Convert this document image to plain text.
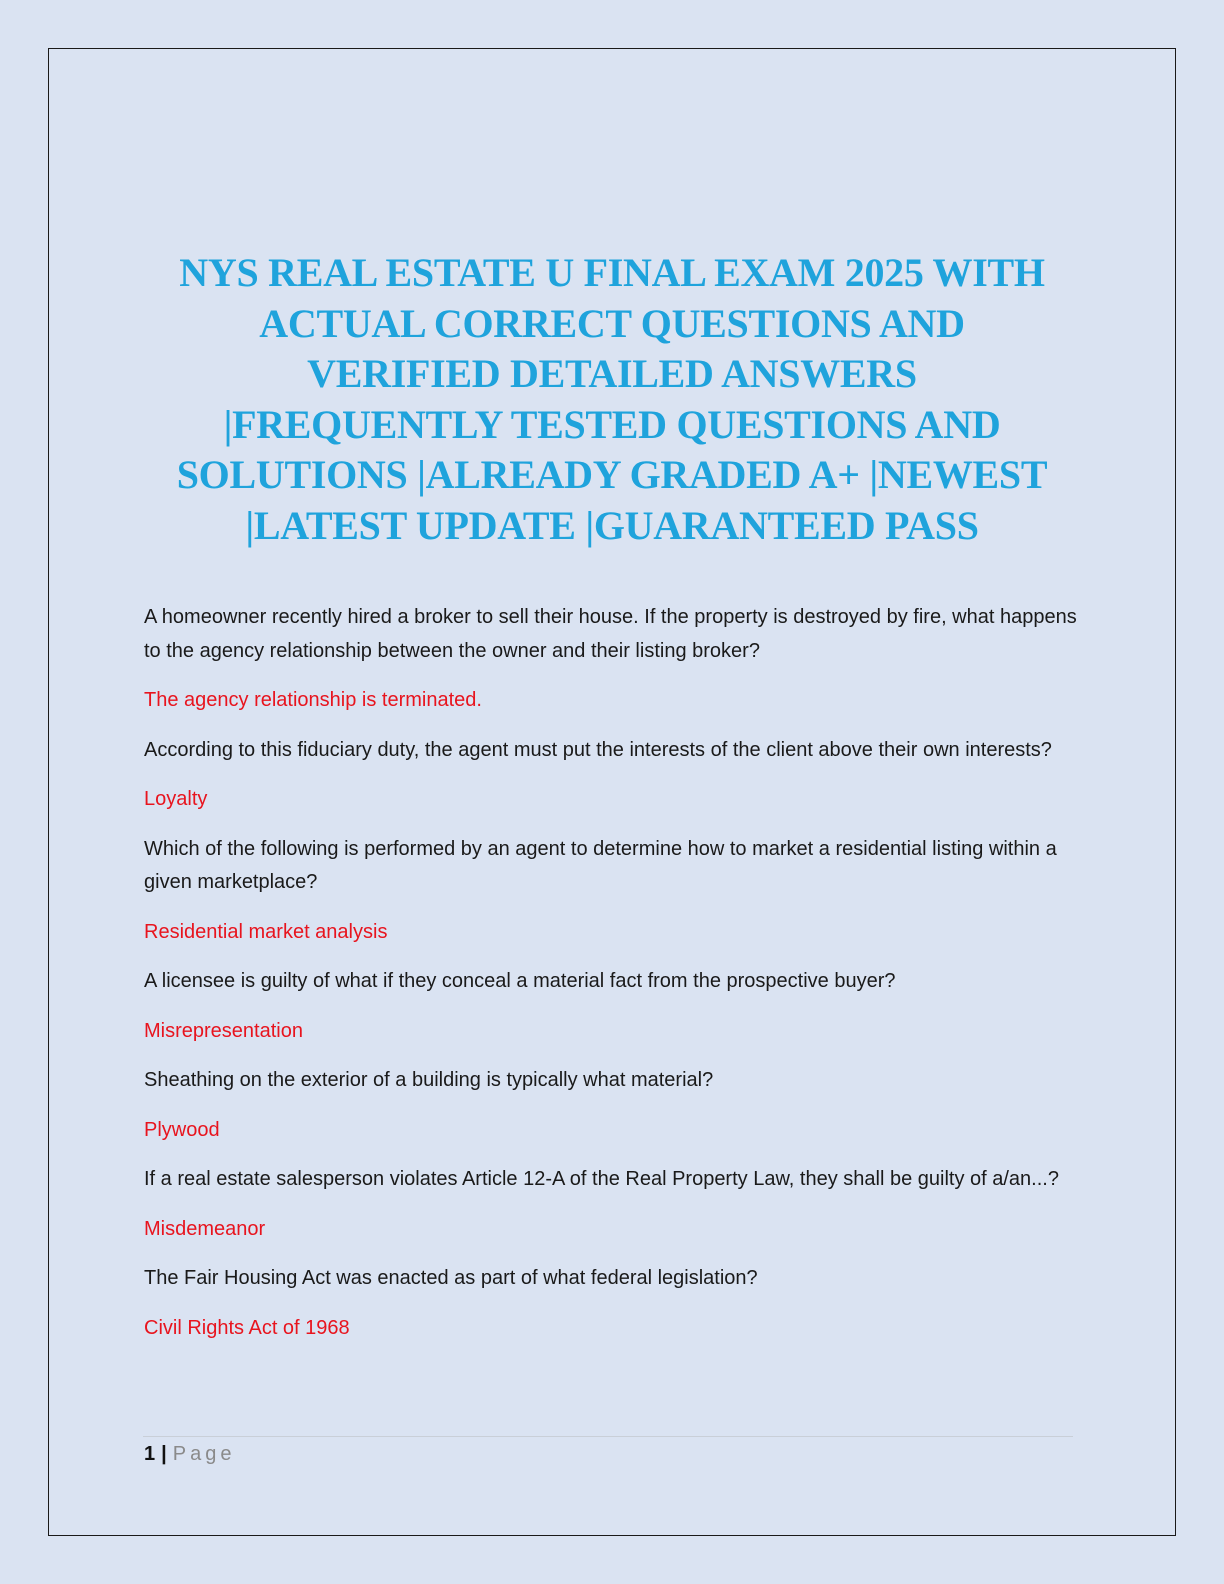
NYS REAL ESTATE U FINAL EXAM 2025 WITH
ACTUAL CORRECT QUESTIONS AND
VERIFIED DETAILED ANSWERS
|FREQUENTLY TESTED QUESTIONS AND
SOLUTIONS |ALREADY GRADED A+ |NEWEST
|LATEST UPDATE |GUARANTEED PASS

A homeowner recently hired a broker to sell their house. If the property is destroyed by fire, what happens to the agency relationship between the owner and their listing broker?

The agency relationship is terminated.

According to this fiduciary duty, the agent must put the interests of the client above their own interests?

Loyalty

Which of the following is performed by an agent to determine how to market a residential listing within a given marketplace?

Residential market analysis

A licensee is guilty of what if they conceal a material fact from the prospective buyer?

Misrepresentation

Sheathing on the exterior of a building is typically what material?

Plywood

If a real estate salesperson violates Article 12-A of the Real Property Law, they shall be guilty of a/an...?

Misdemeanor

The Fair Housing Act was enacted as part of what federal legislation?

Civil Rights Act of 1968

1 | Page
